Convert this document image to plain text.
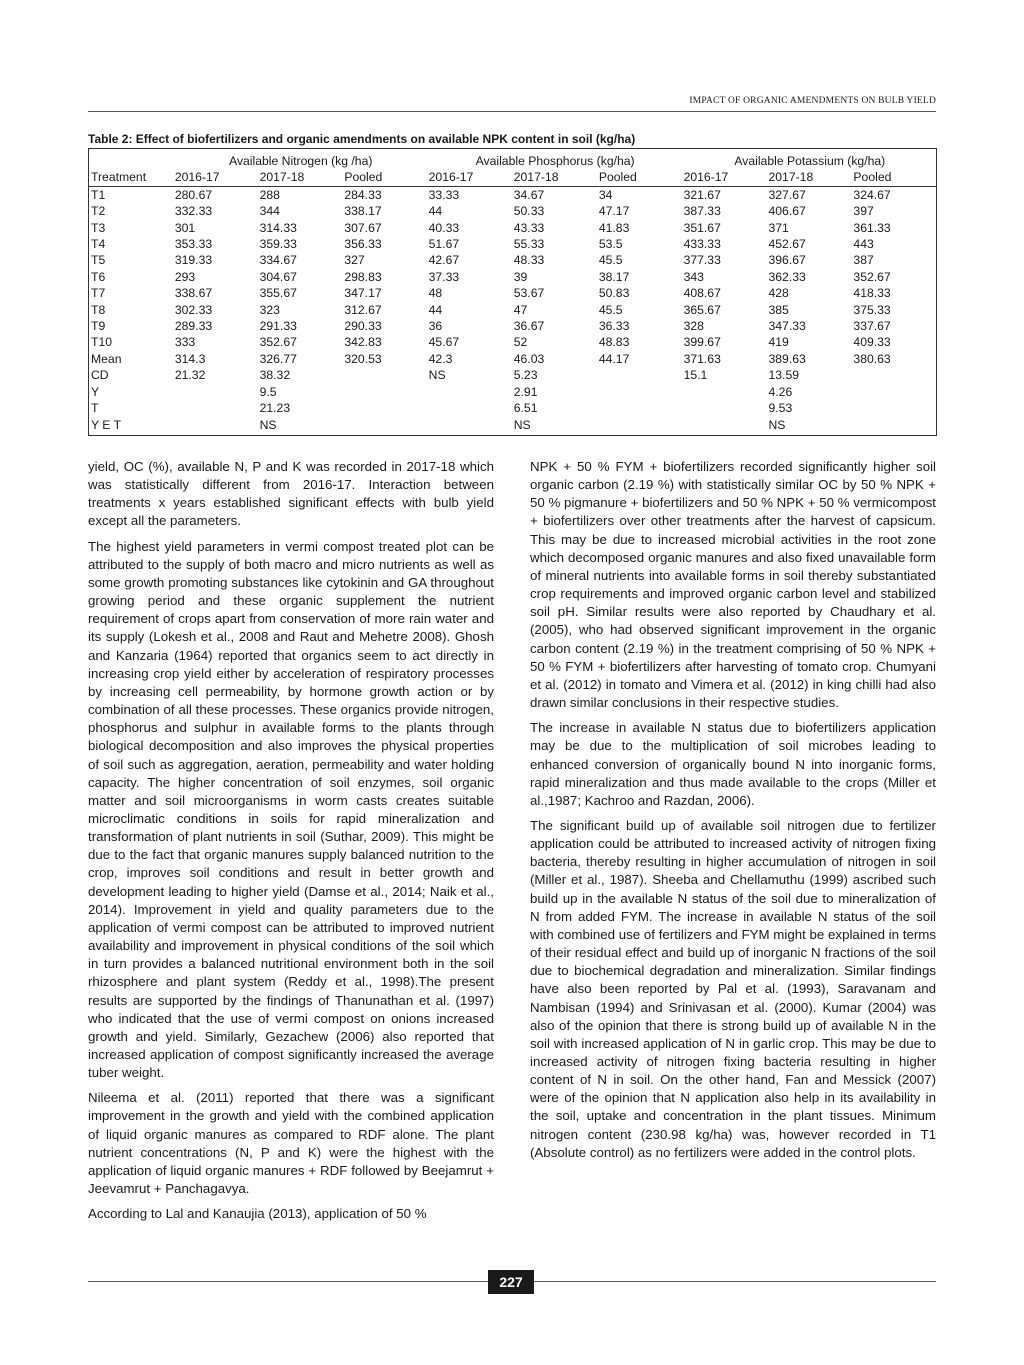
IMPACT OF ORGANIC AMENDMENTS ON BULB YIELD
Table 2: Effect of biofertilizers and organic amendments on available NPK content in soil (kg/ha)
	Available Nitrogen (kg /ha)			Available Phosphorus (kg/ha)			Available Potassium (kg/ha)		
Treatment	2016-17	2017-18	Pooled	2016-17	2017-18	Pooled	2016-17	2017-18	Pooled
T1	280.67	288	284.33	33.33	34.67	34	321.67	327.67	324.67
T2	332.33	344	338.17	44	50.33	47.17	387.33	406.67	397
T3	301	314.33	307.67	40.33	43.33	41.83	351.67	371	361.33
T4	353.33	359.33	356.33	51.67	55.33	53.5	433.33	452.67	443
T5	319.33	334.67	327	42.67	48.33	45.5	377.33	396.67	387
T6	293	304.67	298.83	37.33	39	38.17	343	362.33	352.67
T7	338.67	355.67	347.17	48	53.67	50.83	408.67	428	418.33
T8	302.33	323	312.67	44	47	45.5	365.67	385	375.33
T9	289.33	291.33	290.33	36	36.67	36.33	328	347.33	337.67
T10	333	352.67	342.83	45.67	52	48.83	399.67	419	409.33
Mean	314.3	326.77	320.53	42.3	46.03	44.17	371.63	389.63	380.63
CD	21.32	38.32		NS	5.23		15.1	13.59	
Y		9.5			2.91			4.26	
T		21.23			6.51			9.53	
Y E T		NS			NS			NS	

yield, OC (%), available N, P and K was recorded in 2017-18 which was statistically different from 2016-17. Interaction between treatments x years established significant effects with bulb yield except all the parameters.

The highest yield parameters in vermi compost treated plot can be attributed to the supply of both macro and micro nutrients as well as some growth promoting substances like cytokinin and GA throughout growing period and these organic supplement the nutrient requirement of crops apart from conservation of more rain water and its supply (Lokesh et al., 2008 and Raut and Mehetre 2008). Ghosh and Kanzaria (1964) reported that organics seem to act directly in increasing crop yield either by acceleration of respiratory processes by increasing cell permeability, by hormone growth action or by combination of all these processes. These organics provide nitrogen, phosphorus and sulphur in available forms to the plants through biological decomposition and also improves the physical properties of soil such as aggregation, aeration, permeability and water holding capacity. The higher concentration of soil enzymes, soil organic matter and soil microorganisms in worm casts creates suitable microclimatic conditions in soils for rapid mineralization and transformation of plant nutrients in soil (Suthar, 2009). This might be due to the fact that organic manures supply balanced nutrition to the crop, improves soil conditions and result in better growth and development leading to higher yield (Damse et al., 2014; Naik et al., 2014). Improvement in yield and quality parameters due to the application of vermi compost can be attributed to improved nutrient availability and improvement in physical conditions of the soil which in turn provides a balanced nutritional environment both in the soil rhizosphere and plant system (Reddy et al., 1998).The present results are supported by the findings of Thanunathan et al. (1997) who indicated that the use of vermi compost on onions increased growth and yield. Similarly, Gezachew (2006) also reported that increased application of compost significantly increased the average tuber weight.

Nileema et al. (2011) reported that there was a significant improvement in the growth and yield with the combined application of liquid organic manures as compared to RDF alone. The plant nutrient concentrations (N, P and K) were the highest with the application of liquid organic manures + RDF followed by Beejamrut + Jeevamrut + Panchagavya.

According to Lal and Kanaujia (2013), application of 50 %

NPK + 50 % FYM + biofertilizers recorded significantly higher soil organic carbon (2.19 %) with statistically similar OC by 50 % NPK + 50 % pigmanure + biofertilizers and 50 % NPK + 50 % vermicompost + biofertilizers over other treatments after the harvest of capsicum. This may be due to increased microbial activities in the root zone which decomposed organic manures and also fixed unavailable form of mineral nutrients into available forms in soil thereby substantiated crop requirements and improved organic carbon level and stabilized soil pH. Similar results were also reported by Chaudhary et al. (2005), who had observed significant improvement in the organic carbon content (2.19 %) in the treatment comprising of 50 % NPK + 50 % FYM + biofertilizers after harvesting of tomato crop. Chumyani et al. (2012) in tomato and Vimera et al. (2012) in king chilli had also drawn similar conclusions in their respective studies.

The increase in available N status due to biofertilizers application may be due to the multiplication of soil microbes leading to enhanced conversion of organically bound N into inorganic forms, rapid mineralization and thus made available to the crops (Miller et al.,1987; Kachroo and Razdan, 2006).

The significant build up of available soil nitrogen due to fertilizer application could be attributed to increased activity of nitrogen fixing bacteria, thereby resulting in higher accumulation of nitrogen in soil (Miller et al., 1987). Sheeba and Chellamuthu (1999) ascribed such build up in the available N status of the soil due to mineralization of N from added FYM. The increase in available N status of the soil with combined use of fertilizers and FYM might be explained in terms of their residual effect and build up of inorganic N fractions of the soil due to biochemical degradation and mineralization. Similar findings have also been reported by Pal et al. (1993), Saravanam and Nambisan (1994) and Srinivasan et al. (2000). Kumar (2004) was also of the opinion that there is strong build up of available N in the soil with increased application of N in garlic crop. This may be due to increased activity of nitrogen fixing bacteria resulting in higher content of N in soil. On the other hand, Fan and Messick (2007) were of the opinion that N application also help in its availability in the soil, uptake and concentration in the plant tissues. Minimum nitrogen content (230.98 kg/ha) was, however recorded in T1 (Absolute control) as no fertilizers were added in the control plots.

227
